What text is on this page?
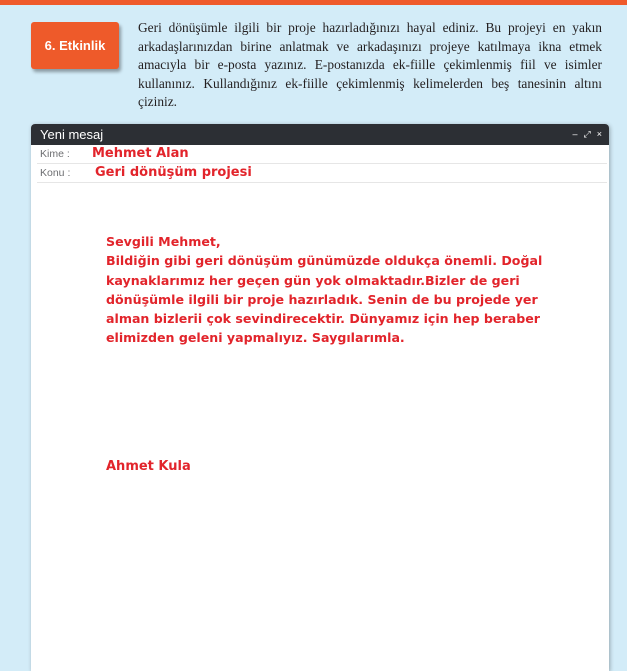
6. Etkinlik

Geri dönüşümle ilgili bir proje hazırladığınızı hayal ediniz. Bu projeyi en yakın arkadaşlarınızdan birine anlatmak ve arkadaşınızı projeye katılmaya ikna etmek amacıyla bir e-posta yazınız. E-postanızda ek-fiille çekimlenmiş fiil ve isimler kullanınız. Kullandığınız ek-fiille çekimlenmiş kelimelerden beş tanesinin altını çiziniz.

Yeni mesaj	– ⤢ ×
Kime :
Mehmet Alan
Konu :
Geri dönüşüm projesi

Sevgili Mehmet,

Bildiğin gibi geri dönüşüm günümüzde oldukça önemli. Doğal kaynaklarımız her geçen gün yok olmaktadır.Bizler de geri dönüşümle ilgili bir proje hazırladık. Senin de bu projede yer alman bizlerii çok sevindirecektir. Dünyamız için hep beraber elimizden geleni yapmalıyız. Saygılarımla.

Ahmet Kula
